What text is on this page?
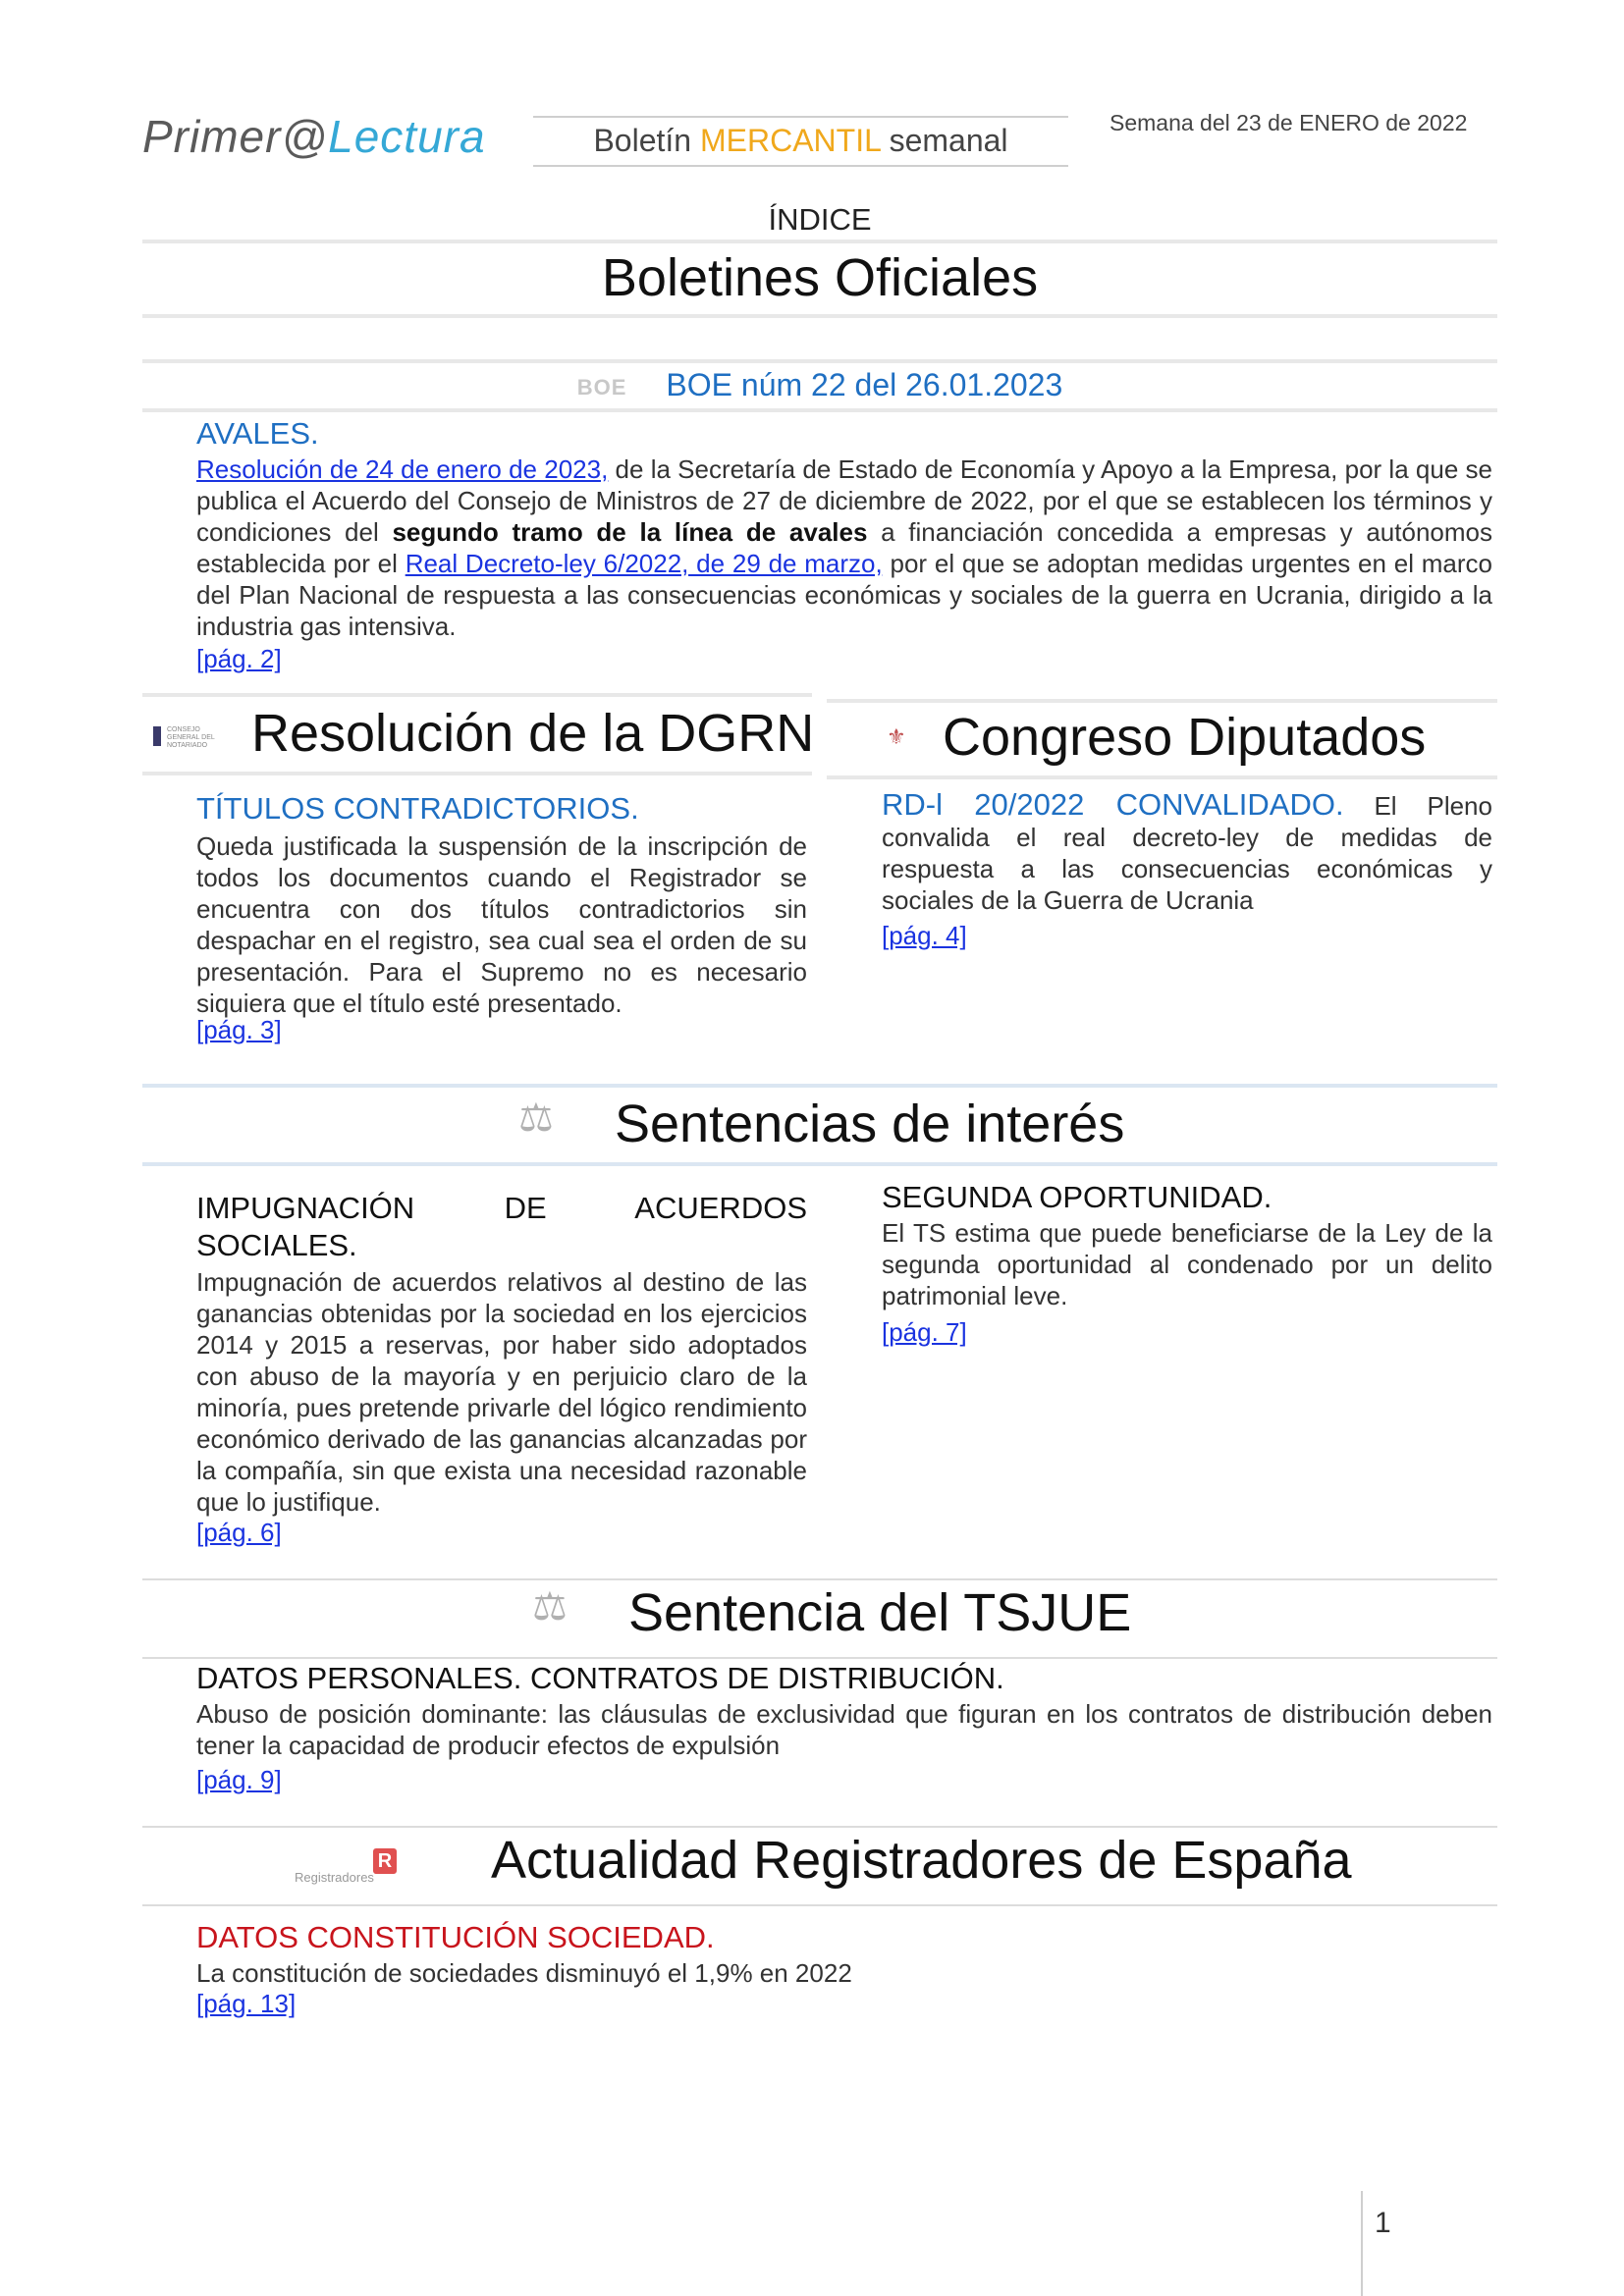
Primer@Lectura	Boletín MERCANTIL semanal	Semana del 23 de ENERO de 2022
ÍNDICE
Boletines Oficiales
BOE BOE núm 22 del 26.01.2023
AVALES.
Resolución de 24 de enero de 2023, de la Secretaría de Estado de Economía y Apoyo a la Empresa, por la que se publica el Acuerdo del Consejo de Ministros de 27 de diciembre de 2022, por el que se establecen los términos y condiciones del segundo tramo de la línea de avales a financiación concedida a empresas y autónomos establecida por el Real Decreto-ley 6/2022, de 29 de marzo, por el que se adoptan medidas urgentes en el marco del Plan Nacional de respuesta a las consecuencias económicas y sociales de la guerra en Ucrania, dirigido a la industria gas intensiva.
[pág. 2]
CONSEJO GENERAL DEL NOTARIADO Resolución de la DGRN
TÍTULOS CONTRADICTORIOS.
Queda justificada la suspensión de la inscripción de todos los documentos cuando el Registrador se encuentra con dos títulos contradictorios sin despachar en el registro, sea cual sea el orden de su presentación. Para el Supremo no es necesario siquiera que el título esté presentado.
[pág. 3]
⚜ Congreso Diputados
RD-l 20/2022 CONVALIDADO. El Pleno convalida el real decreto-ley de medidas de respuesta a las consecuencias económicas y sociales de la Guerra de Ucrania
[pág. 4]
⚖ Sentencias de interés
IMPUGNACIÓN DE ACUERDOS SOCIALES.
Impugnación de acuerdos relativos al destino de las ganancias obtenidas por la sociedad en los ejercicios 2014 y 2015 a reservas, por haber sido adoptados con abuso de la mayoría y en perjuicio claro de la minoría, pues pretende privarle del lógico rendimiento económico derivado de las ganancias alcanzadas por la compañía, sin que exista una necesidad razonable que lo justifique.
[pág. 6]
SEGUNDA OPORTUNIDAD.
El TS estima que puede beneficiarse de la Ley de la segunda oportunidad al condenado por un delito patrimonial leve.
[pág. 7]
⚖ Sentencia del TSJUE
DATOS PERSONALES. CONTRATOS DE DISTRIBUCIÓN.
Abuso de posición dominante: las cláusulas de exclusividad que figuran en los contratos de distribución deben tener la capacidad de producir efectos de expulsión
[pág. 9]
R
Registradores Actualidad Registradores de España
DATOS CONSTITUCIÓN SOCIEDAD.
La constitución de sociedades disminuyó el 1,9% en 2022
[pág. 13]
1
